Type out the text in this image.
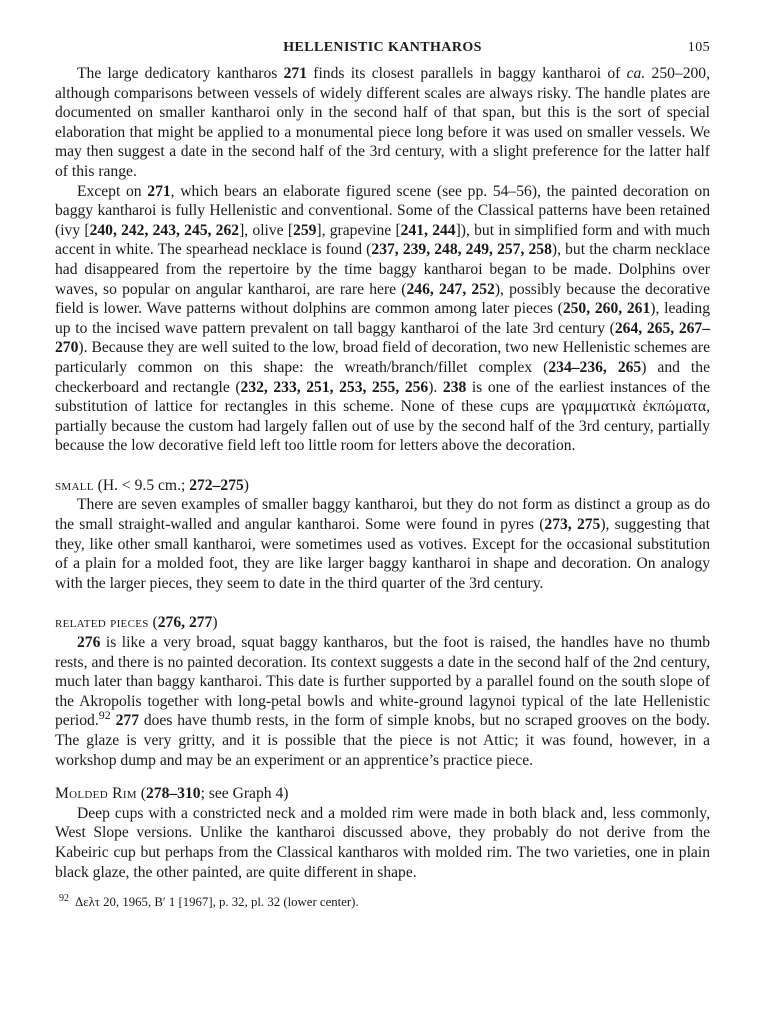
HELLENISTIC KANTHAROS	105

The large dedicatory kantharos 271 finds its closest parallels in baggy kantharoi of ca. 250–200, although comparisons between vessels of widely different scales are always risky. The handle plates are documented on smaller kantharoi only in the second half of that span, but this is the sort of special elaboration that might be applied to a monumental piece long before it was used on smaller vessels. We may then suggest a date in the second half of the 3rd century, with a slight preference for the latter half of this range.

Except on 271, which bears an elaborate figured scene (see pp. 54–56), the painted decoration on baggy kantharoi is fully Hellenistic and conventional. Some of the Classical patterns have been retained (ivy [240, 242, 243, 245, 262], olive [259], grapevine [241, 244]), but in simplified form and with much accent in white. The spearhead necklace is found (237, 239, 248, 249, 257, 258), but the charm necklace had disappeared from the repertoire by the time baggy kantharoi began to be made. Dolphins over waves, so popular on angular kantharoi, are rare here (246, 247, 252), possibly because the decorative field is lower. Wave patterns without dolphins are common among later pieces (250, 260, 261), leading up to the incised wave pattern prevalent on tall baggy kantharoi of the late 3rd century (264, 265, 267–270). Because they are well suited to the low, broad field of decoration, two new Hellenistic schemes are particularly common on this shape: the wreath/branch/fillet complex (234–236, 265) and the checkerboard and rectangle (232, 233, 251, 253, 255, 256). 238 is one of the earliest instances of the substitution of lattice for rectangles in this scheme. None of these cups are γραμματικὰ ἐκπώματα, partially because the custom had largely fallen out of use by the second half of the 3rd century, partially because the low decorative field left too little room for letters above the decoration.

small (H. < 9.5 cm.; 272–275)

There are seven examples of smaller baggy kantharoi, but they do not form as distinct a group as do the small straight-walled and angular kantharoi. Some were found in pyres (273, 275), suggesting that they, like other small kantharoi, were sometimes used as votives. Except for the occasional substitution of a plain for a molded foot, they are like larger baggy kantharoi in shape and decoration. On analogy with the larger pieces, they seem to date in the third quarter of the 3rd century.

related pieces (276, 277)

276 is like a very broad, squat baggy kantharos, but the foot is raised, the handles have no thumb rests, and there is no painted decoration. Its context suggests a date in the second half of the 2nd century, much later than baggy kantharoi. This date is further supported by a parallel found on the south slope of the Akropolis together with long-petal bowls and white-ground lagynoi typical of the late Hellenistic period.$^{92}$ 277 does have thumb rests, in the form of simple knobs, but no scraped grooves on the body. The glaze is very gritty, and it is possible that the piece is not Attic; it was found, however, in a workshop dump and may be an experiment or an apprentice’s practice piece.

Molded Rim (278–310; see Graph 4)

Deep cups with a constricted neck and a molded rim were made in both black and, less commonly, West Slope versions. Unlike the kantharoi discussed above, they probably do not derive from the Kabeiric cup but perhaps from the Classical kantharos with molded rim. The two varieties, one in plain black glaze, the other painted, are quite different in shape.

$^{92}$ Δελτ 20, 1965, Β′ 1 [1967], p. 32, pl. 32 (lower center).
